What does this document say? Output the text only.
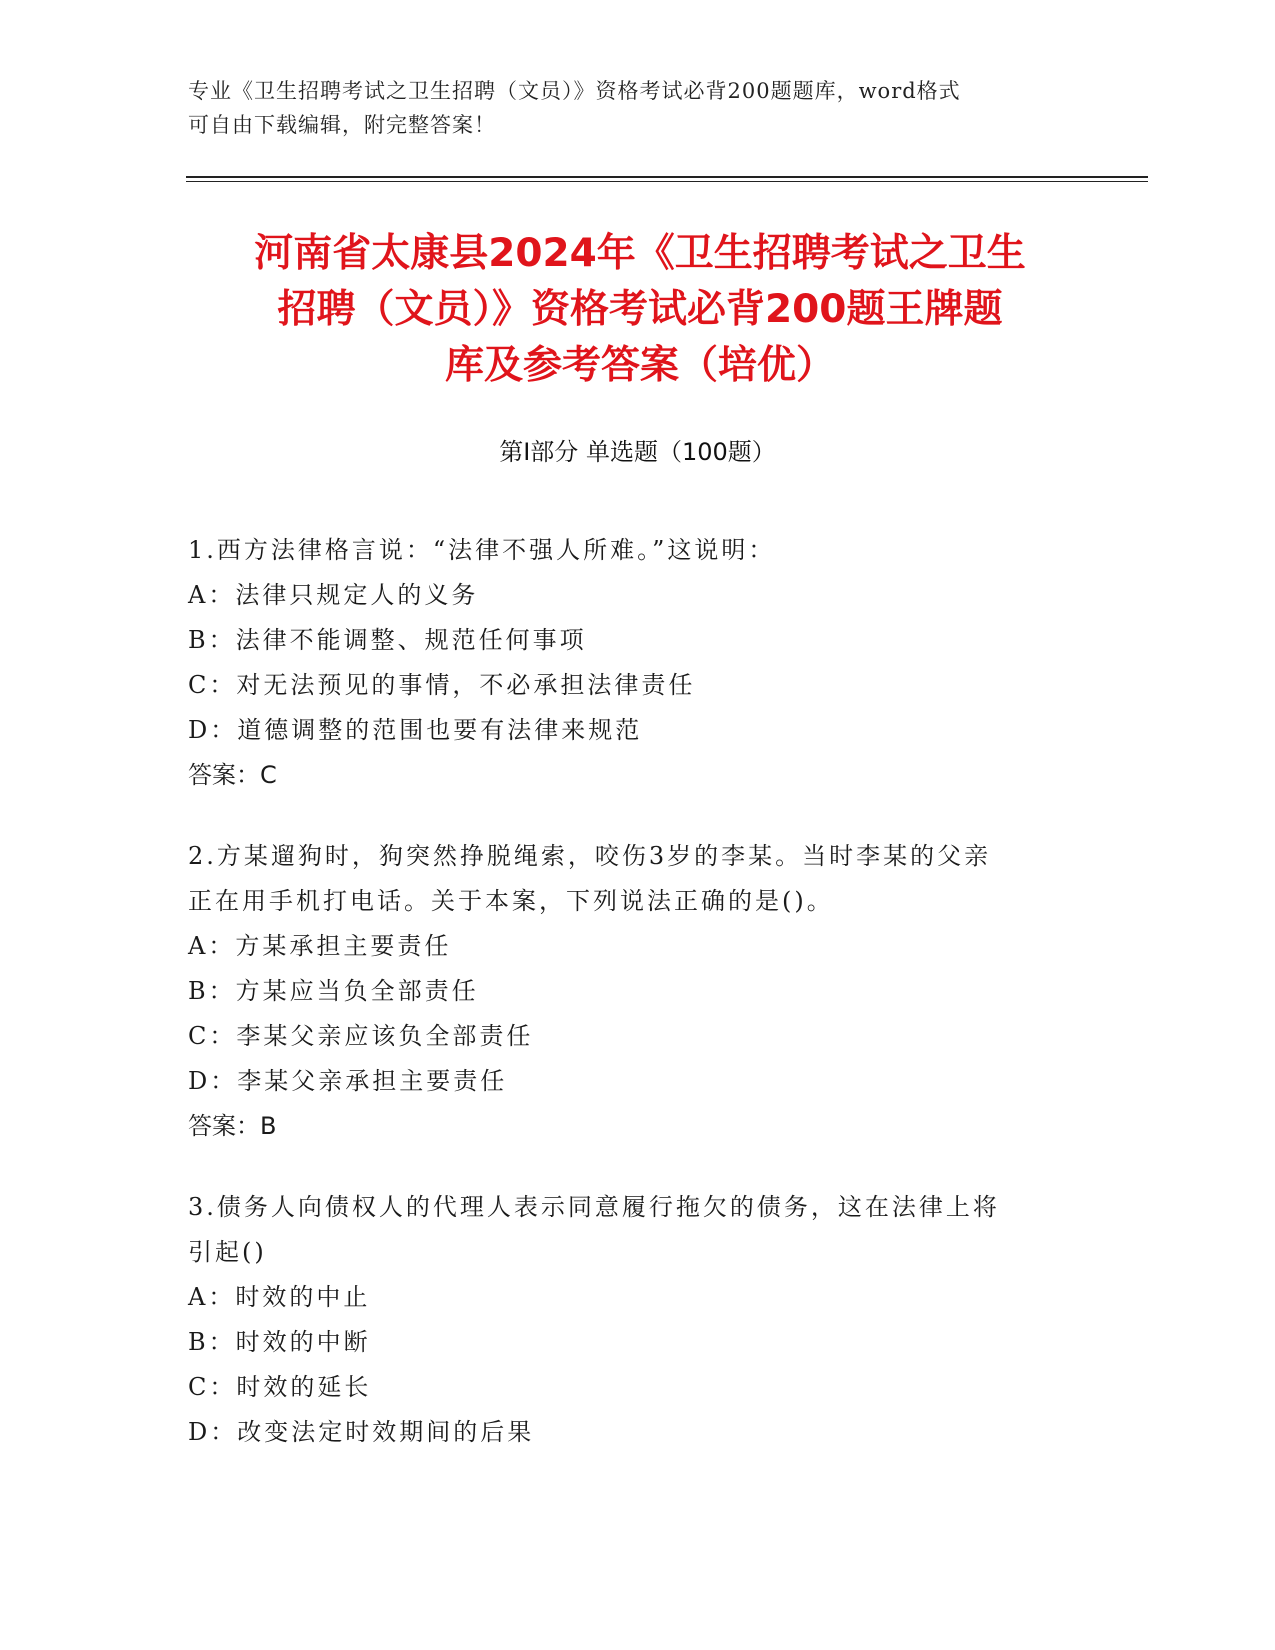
专业《卫生招聘考试之卫生招聘（文员）》资格考试必背200题题库，word格式

可自由下载编辑，附完整答案！

河南省太康县2024年《卫生招聘考试之卫生

招聘（文员）》资格考试必背200题王牌题

库及参考答案（培优）

第Ⅰ部分 单选题（100题）

1.西方法律格言说：“法律不强人所难。”这说明：

A：法律只规定人的义务

B：法律不能调整、规范任何事项

C：对无法预见的事情，不必承担法律责任

D：道德调整的范围也要有法律来规范

答案：C

2.方某遛狗时，狗突然挣脱绳索，咬伤3岁的李某。当时李某的父亲

正在用手机打电话。关于本案，下列说法正确的是()。

A：方某承担主要责任

B：方某应当负全部责任

C：李某父亲应该负全部责任

D：李某父亲承担主要责任

答案：B

3.债务人向债权人的代理人表示同意履行拖欠的债务，这在法律上将

引起()

A：时效的中止

B：时效的中断

C：时效的延长

D：改变法定时效期间的后果
